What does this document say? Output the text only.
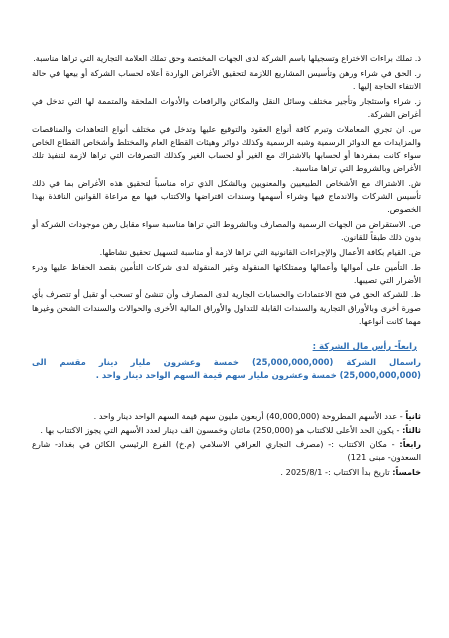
ذ. تملك براءات الاختراع وتسجيلها باسم الشركة لدى الجهات المختصة وحق تملك العلامة التجارية التي تراها مناسبة.

ر. الحق في شراء ورهن وتأسيس المشاريع اللازمة لتحقيق الأغراض الواردة أعلاه لحساب الشركة أو بيعها في حالة الانتفاء الحاجة إليها .

ز. شراء واستئجار وتأجير مختلف وسائل النقل والمكائن والرافعات والأدوات الملحقة والمتممة لها التي تدخل في أغراض الشركة.

س. ان تجري المعاملات وتبرم كافة أنواع العقود والتوقيع عليها وتدخل في مختلف أنواع التعاهدات والمناقصات والمزايدات مع الدوائر الرسمية وشبه الرسمية وكذلك دوائر وهيئات القطاع العام والمختلط وأشخاص القطاع الخاص سواء كانت بمفردها أو لحسابها بالاشتراك مع الغير أو لحساب الغير وكذلك التصرفات التي تراها لازمة لتنفيذ تلك الأغراض وبالشروط التي تراها مناسبة.

ش. الاشتراك مع الأشخاص الطبيعيين والمعنويين وبالشكل الذي تراه مناسباً لتحقيق هذه الأغراض بما في ذلك تأسيس الشركات والاندماج فيها وشراء أسهمها وسندات اقتراضها والاكتتاب فيها مع مراعاة القوانين النافذة بهذا الخصوص.

ص. الاستقراض من الجهات الرسمية والمصارف وبالشروط التي تراها مناسبة سواء مقابل رهن موجودات الشركة أو بدون ذلك طبقاً للقانون.

ض. القيام بكافة الأعمال والإجراءات القانونية التي تراها لازمة أو مناسبة لتسهيل تحقيق نشاطها.

ط. التأمين على أموالها وأعمالها وممتلكاتها المنقولة وغير المنقولة لدى شركات التأمين بقصد الحفاظ عليها ودرء الأضرار التي تصيبها.

ظ. للشركة الحق في فتح الاعتمادات والحسابات الجارية لدى المصارف وأن تنشئ أو تسحب أو تقبل أو تتصرف بأي صورة أخرى وبالأوراق التجارية والسندات القابلة للتداول والأوراق المالية الأخرى والحوالات والسندات الشحن وغيرها مهما كانت أنواعها.

رابعاً- رأس مال الشركة :

راسمال الشركة (25,000,000,000) خمسة وعشرون مليار دينار مقسم الى (25,000,000,000) خمسة وعشرون مليار سهم قيمة السهم الواحد دينار واحد .

ثانياً - عدد الأسهم المطروحة (40,000,000) أربعون مليون سهم قيمة السهم الواحد دينار واحد .

ثالثاً: - يكون الحد الأعلى للاكتتاب هو (250,000) مائتان وخمسون الف دينار لعدد الأسهم التي يجوز الاكتتاب بها .

رابعاً: - مكان الاكتتاب :- (مصرف التجاري العراقي الاسلامي (م.خ) الفرع الرئيسي الكائن في بغداد- شارع السعدون- مبنى 121)

خامساً: تاريخ بدأ الاكتتاب :- 2025/8/1 .
